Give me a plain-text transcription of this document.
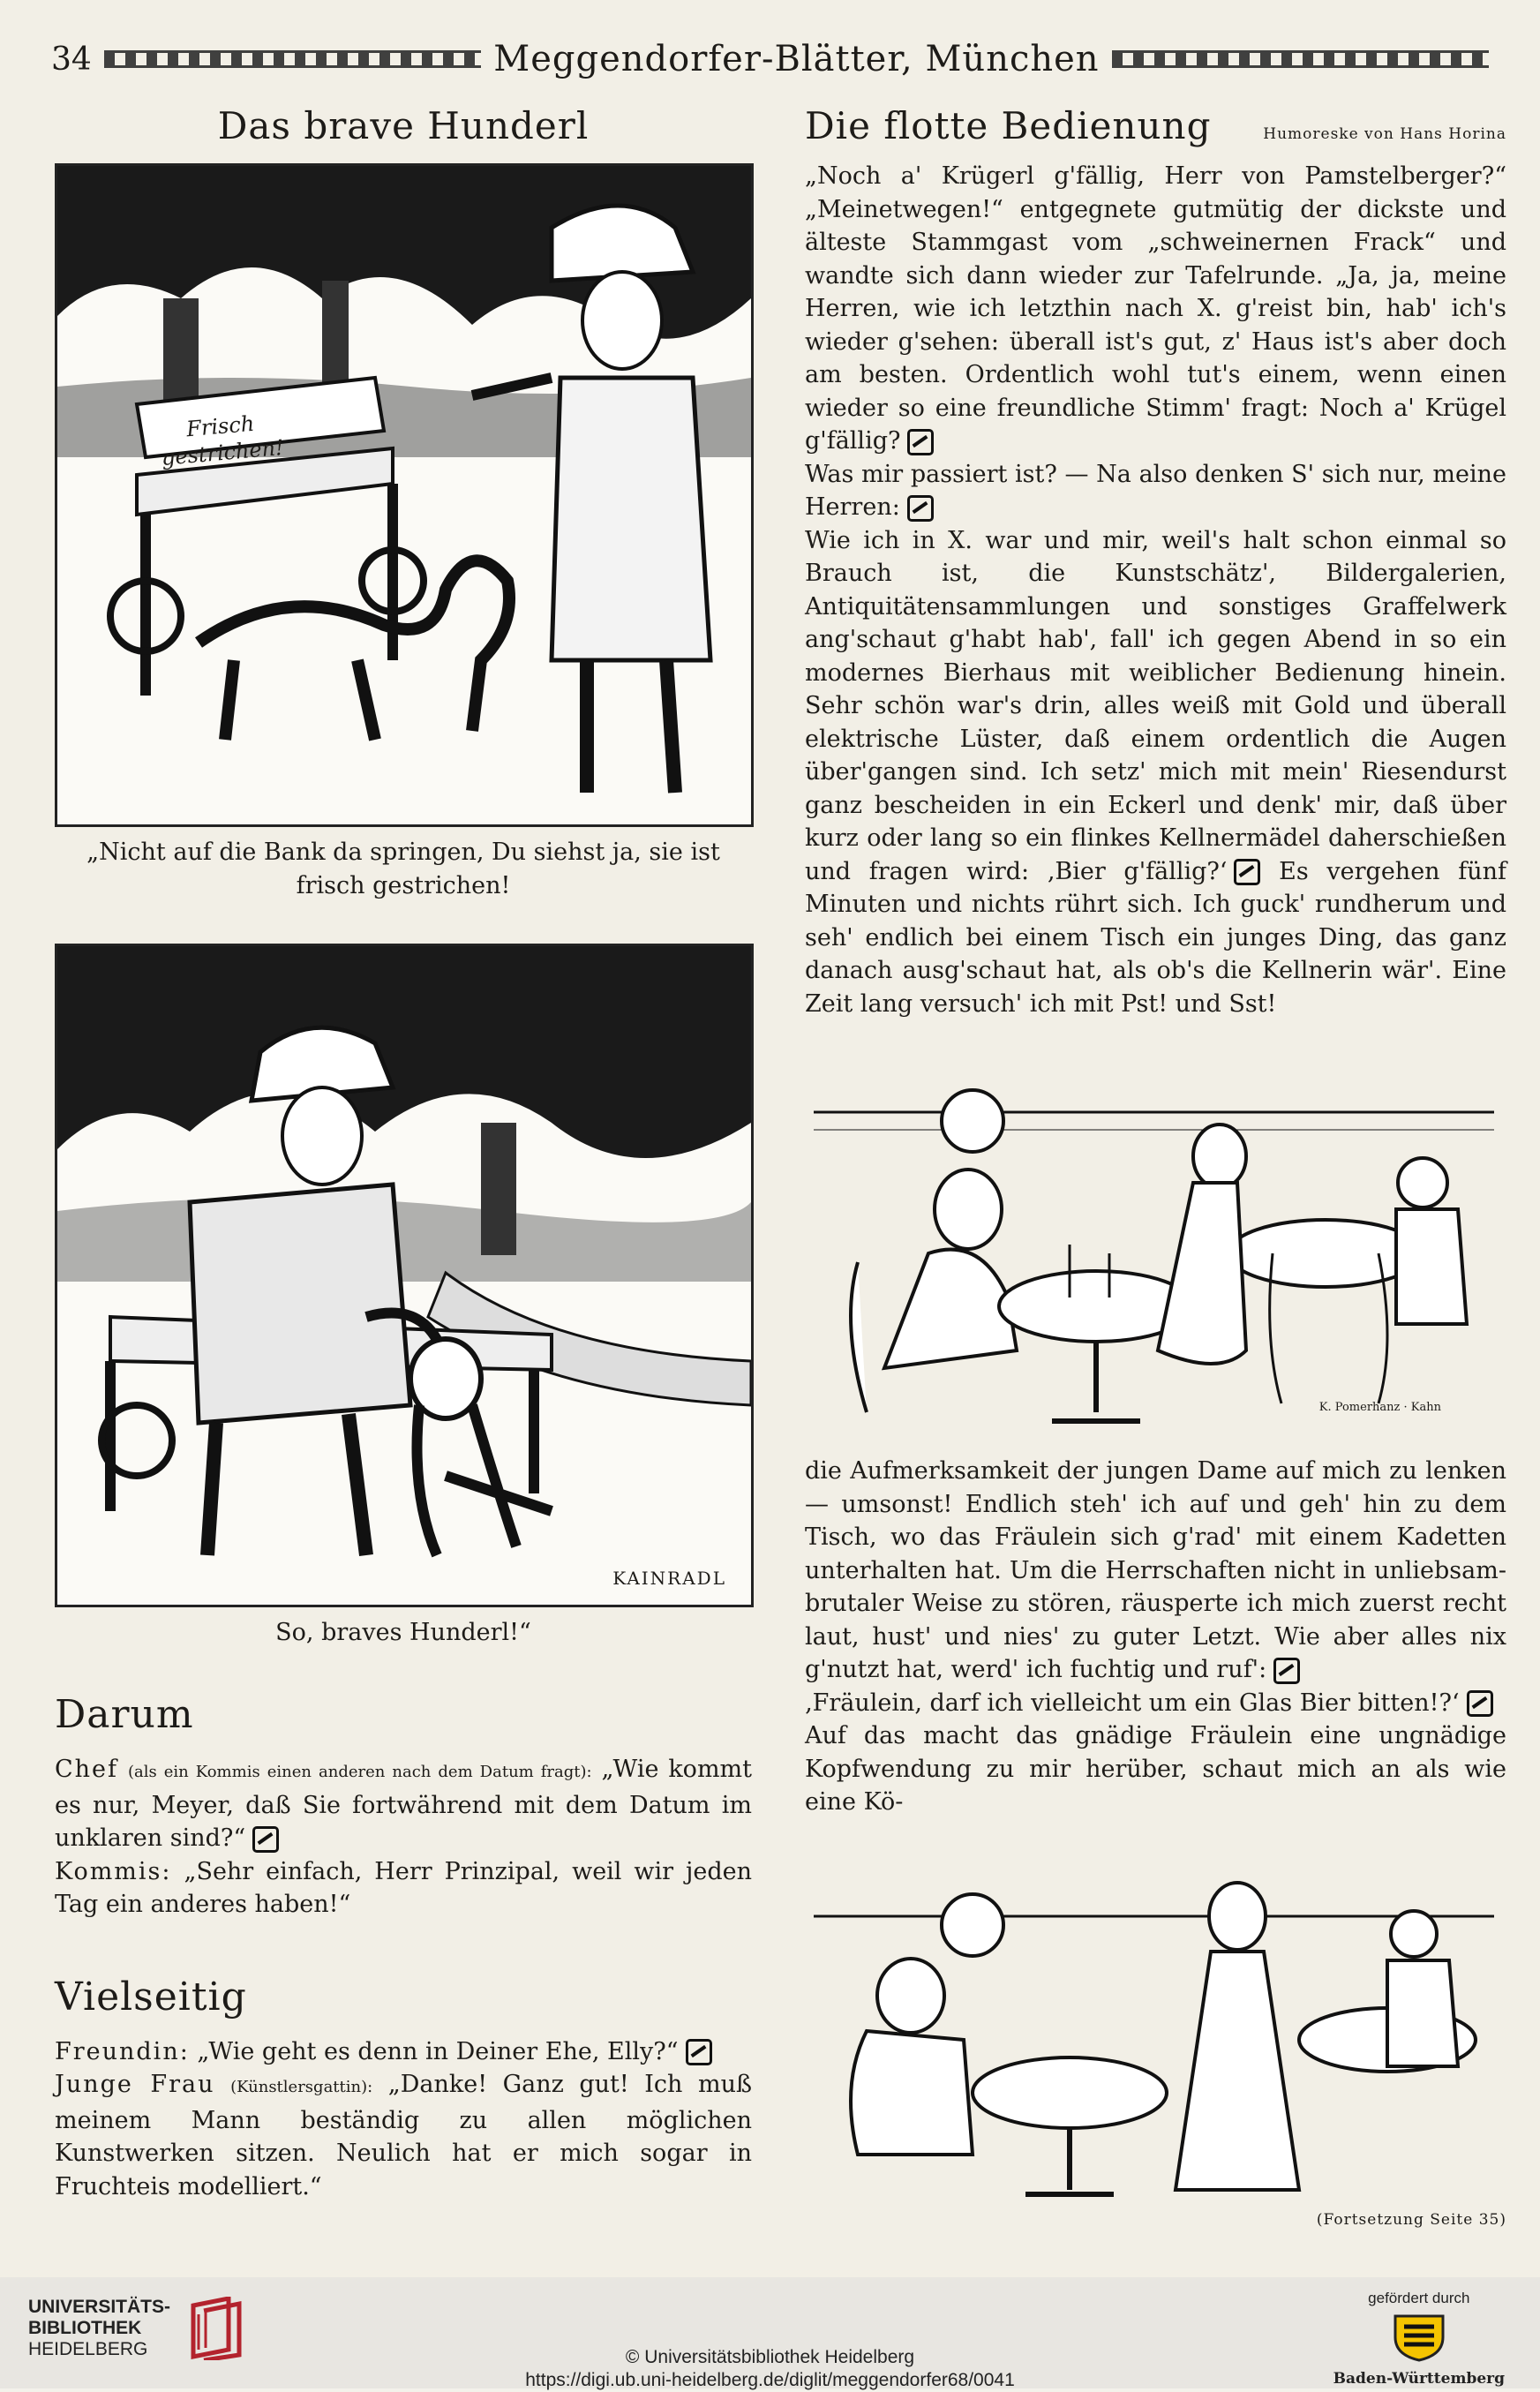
34	Meggendorfer-Blätter, München
Das brave Hunderl
Frisch gestrichen!
„Nicht auf die Bank da springen, Du siehst ja, sie ist frisch gestrichen!
KAINRADL
So, braves Hunderl!“
Darum

Chef (als ein Kommis einen anderen nach dem Datum fragt): „Wie kommt es nur, Meyer, daß Sie fortwährend mit dem Datum im unklaren sind?“

Kommis: „Sehr einfach, Herr Prinzipal, weil wir jeden Tag ein anderes haben!“

Vielseitig

Freundin: „Wie geht es denn in Deiner Ehe, Elly?“

Junge Frau (Künstlersgattin): „Danke! Ganz gut! Ich muß meinem Mann beständig zu allen möglichen Kunstwerken sitzen. Neulich hat er mich sogar in Fruchteis modelliert.“

Die flotte Bedienung	Humoreske von Hans Horina

„Noch a' Krügerl g'fällig, Herr von Pamstelberger?“ „Meinetwegen!“ entgegnete gutmütig der dickste und älteste Stammgast vom „schweinernen Frack“ und wandte sich dann wieder zur Tafelrunde. „Ja, ja, meine Herren, wie ich letzthin nach X. g'reist bin, hab' ich's wieder g'sehen: überall ist's gut, z' Haus ist's aber doch am besten. Ordentlich wohl tut's einem, wenn einen wieder so eine freundliche Stimm' fragt: Noch a' Krügel g'fällig?

Was mir passiert ist? — Na also denken S' sich nur, meine Herren:

Wie ich in X. war und mir, weil's halt schon einmal so Brauch ist, die Kunstschätz', Bildergalerien, Antiquitätensammlungen und sonstiges Graffelwerk ang'schaut g'habt hab', fall' ich gegen Abend in so ein modernes Bierhaus mit weiblicher Bedienung hinein. Sehr schön war's drin, alles weiß mit Gold und überall elektrische Lüster, daß einem ordentlich die Augen über'gangen sind. Ich setz' mich mit mein' Riesendurst ganz bescheiden in ein Eckerl und denk' mir, daß über kurz oder lang so ein flinkes Kellnermädel daherschießen und fragen wird: ‚Bier g'fällig?‘ Es vergehen fünf Minuten und nichts rührt sich. Ich guck' rundherum und seh' endlich bei einem Tisch ein junges Ding, das ganz danach ausg'schaut hat, als ob's die Kellnerin wär'. Eine Zeit lang versuch' ich mit Pst! und Sst!

K. Pomerhanz · Kahn

die Aufmerksamkeit der jungen Dame auf mich zu lenken — umsonst! Endlich steh' ich auf und geh' hin zu dem Tisch, wo das Fräulein sich g'rad' mit einem Kadetten unterhalten hat. Um die Herrschaften nicht in unliebsam-brutaler Weise zu stören, räusperte ich mich zuerst recht laut, hust' und nies' zu guter Letzt. Wie aber alles nix g'nutzt hat, werd' ich fuchtig und ruf':

‚Fräulein, darf ich vielleicht um ein Glas Bier bitten!?‘

Auf das macht das gnädige Fräulein eine ungnädige Kopfwendung zu mir herüber, schaut mich an als wie eine Kö-

(Fortsetzung Seite 35)
UNIVERSITÄTS-
BIBLIOTHEK
HEIDELBERG	© Universitätsbibliothek Heidelberg
https://digi.ub.uni-heidelberg.de/diglit/meggendorfer68/0041
gefördert durch
Baden-Württemberg
